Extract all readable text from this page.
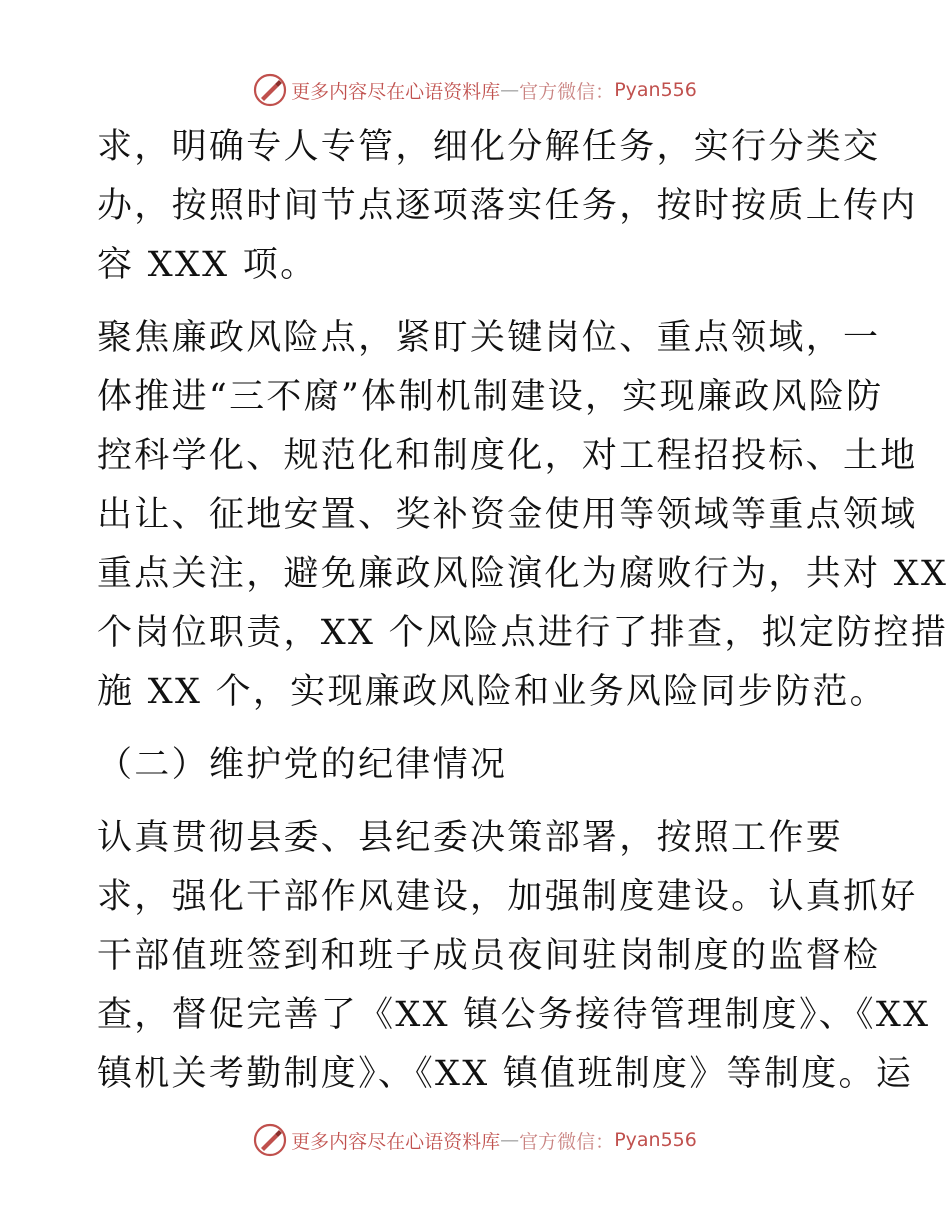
更多内容尽在心语资料库 — 官方微信： Pyan556
求，明确专人专管，细化分解任务，实行分类交
办，按照时间节点逐项落实任务，按时按质上传内
容 XXX 项。
聚焦廉政风险点，紧盯关键岗位、重点领域，一
体推进“三不腐”体制机制建设，实现廉政风险防
控科学化、规范化和制度化，对工程招投标、土地
出让、征地安置、奖补资金使用等领域等重点领域
重点关注，避免廉政风险演化为腐败行为，共对 XX
个岗位职责，XX 个风险点进行了排查，拟定防控措
施 XX 个，实现廉政风险和业务风险同步防范。
（二）维护党的纪律情况
认真贯彻县委、县纪委决策部署，按照工作要
求，强化干部作风建设，加强制度建设。认真抓好
干部值班签到和班子成员夜间驻岗制度的监督检
查，督促完善了《XX 镇公务接待管理制度》、《XX
镇机关考勤制度》、《XX 镇值班制度》等制度。运
更多内容尽在心语资料库 — 官方微信： Pyan556
